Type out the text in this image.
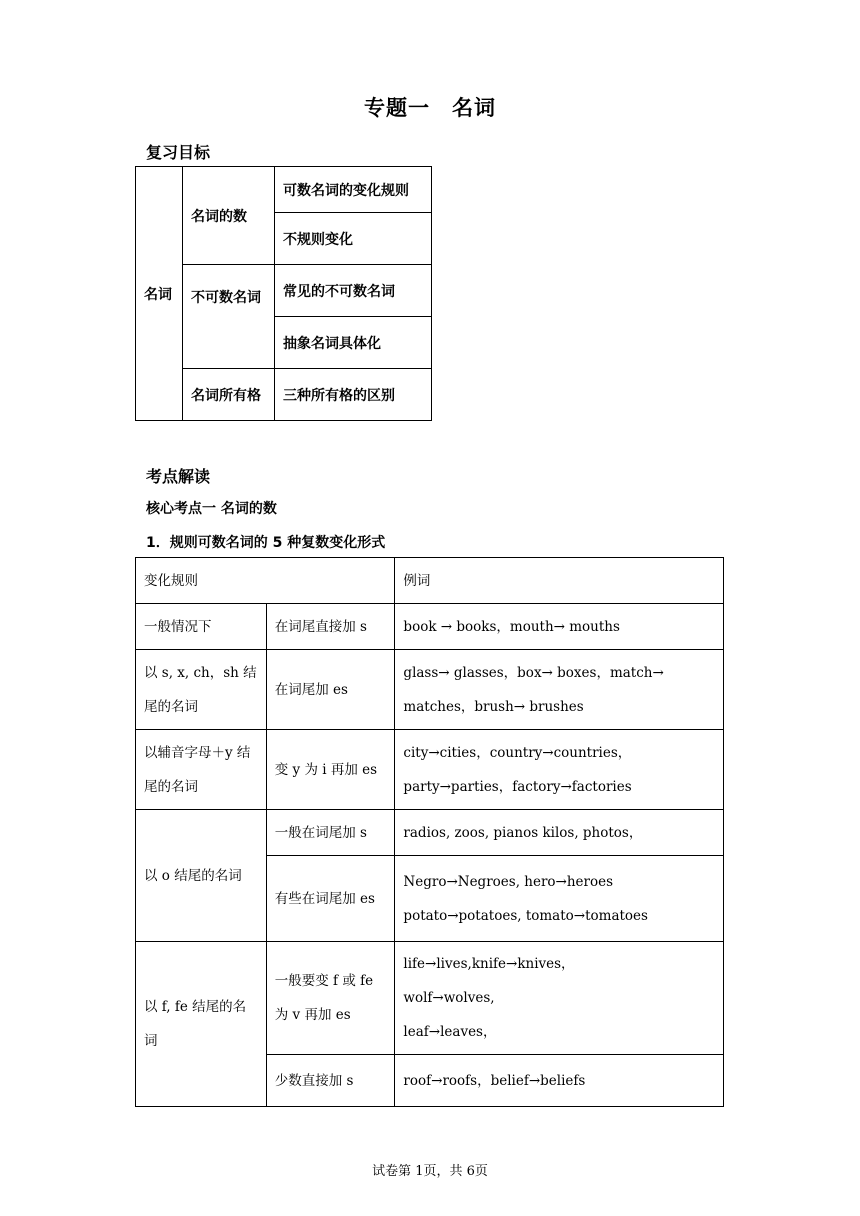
专题一　名词
复习目标
名词	名词的数	可数名词的变化规则
		不规则变化
	不可数名词	常见的不可数名词
		抽象名词具体化
	名词所有格	三种所有格的区别
考点解读
核心考点一 名词的数
1．规则可数名词的 5 种复数变化形式
变化规则		例词
一般情况下	在词尾直接加 s	book → books，mouth→ mouths
以 s, x, ch，sh 结尾的名词	在词尾加 es	glass→ glasses，box→ boxes，match→ matches，brush→ brushes
以辅音字母＋y 结尾的名词	变 y 为 i 再加 es	city→cities，country→countries，party→parties，factory→factories
以 o 结尾的名词	一般在词尾加 s	radios, zoos, pianos kilos, photos，
	有些在词尾加 es	Negro→Negroes, hero→heroes potato→potatoes, tomato→tomatoes
以 f, fe 结尾的名词	一般要变 f 或 fe 为 v 再加 es	life→lives,knife→knives，
wolf→wolves,
leaf→leaves，

	少数直接加 s	roof→roofs，belief→beliefs
试卷第 1页，共 6页
